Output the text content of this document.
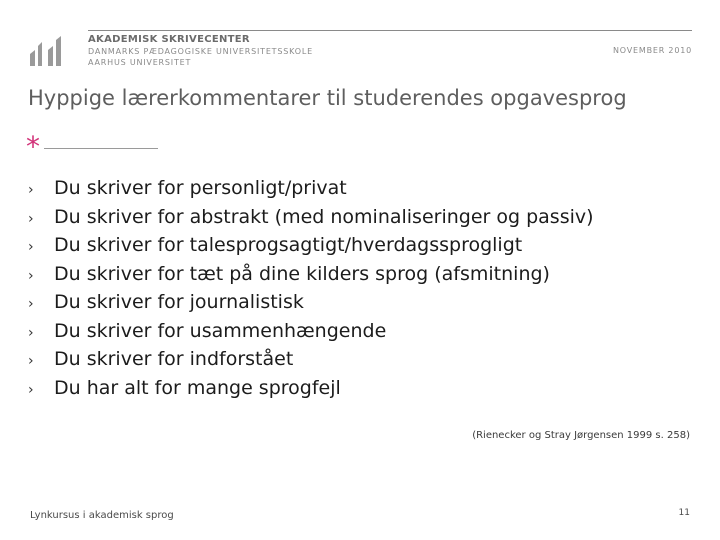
AKADEMISK SKRIVECENTER
DANMARKS PÆDAGOGISKE UNIVERSITETSSKOLE
AARHUS UNIVERSITET
NOVEMBER 2010
Hyppige lærerkommentarer til studerendes opgavesprog
*
›	Du skriver for personligt/privat
›	Du skriver for abstrakt (med nominaliseringer og passiv)
›	Du skriver for talesprogsagtigt/hverdagssprogligt
›	Du skriver for tæt på dine kilders sprog (afsmitning)
›	Du skriver for journalistisk
›	Du skriver for usammenhængende
›	Du skriver for indforstået
›	Du har alt for mange sprogfejl
(Rienecker og Stray Jørgensen 1999 s. 258)
Lynkursus i akademisk sprog	11
